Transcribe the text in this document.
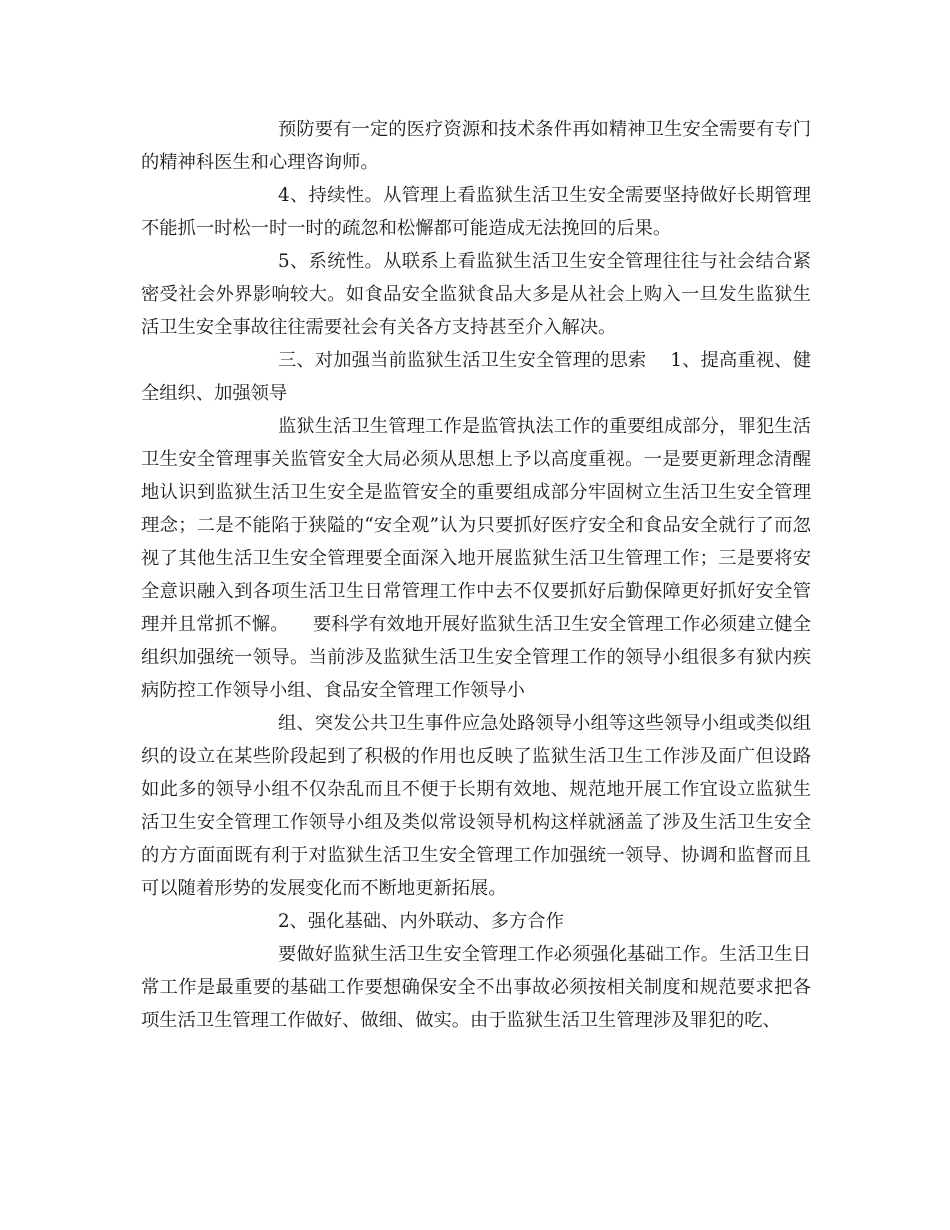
预防要有一定的医疗资源和技术条件再如精神卫生安全需要有专门的精神科医生和心理咨询师。

4、持续性。从管理上看监狱生活卫生安全需要坚持做好长期管理不能抓一时松一时一时的疏忽和松懈都可能造成无法挽回的后果。

5、系统性。从联系上看监狱生活卫生安全管理往往与社会结合紧密受社会外界影响较大。如食品安全监狱食品大多是从社会上购入一旦发生监狱生活卫生安全事故往往需要社会有关各方支持甚至介入解决。

三、对加强当前监狱生活卫生安全管理的思索 1、提高重视、健全组织、加强领导

监狱生活卫生管理工作是监管执法工作的重要组成部分，罪犯生活卫生安全管理事关监管安全大局必须从思想上予以高度重视。一是要更新理念清醒地认识到监狱生活卫生安全是监管安全的重要组成部分牢固树立生活卫生安全管理理念；二是不能陷于狭隘的“安全观”认为只要抓好医疗安全和食品安全就行了而忽视了其他生活卫生安全管理要全面深入地开展监狱生活卫生管理工作；三是要将安全意识融入到各项生活卫生日常管理工作中去不仅要抓好后勤保障更好抓好安全管理并且常抓不懈。 要科学有效地开展好监狱生活卫生安全管理工作必须建立健全组织加强统一领导。当前涉及监狱生活卫生安全管理工作的领导小组很多有狱内疾病防控工作领导小组、食品安全管理工作领导小

组、突发公共卫生事件应急处路领导小组等这些领导小组或类似组织的设立在某些阶段起到了积极的作用也反映了监狱生活卫生工作涉及面广但设路如此多的领导小组不仅杂乱而且不便于长期有效地、规范地开展工作宜设立监狱生活卫生安全管理工作领导小组及类似常设领导机构这样就涵盖了涉及生活卫生安全的方方面面既有利于对监狱生活卫生安全管理工作加强统一领导、协调和监督而且可以随着形势的发展变化而不断地更新拓展。

2、强化基础、内外联动、多方合作

要做好监狱生活卫生安全管理工作必须强化基础工作。生活卫生日常工作是最重要的基础工作要想确保安全不出事故必须按相关制度和规范要求把各项生活卫生管理工作做好、做细、做实。由于监狱生活卫生管理涉及罪犯的吃、
